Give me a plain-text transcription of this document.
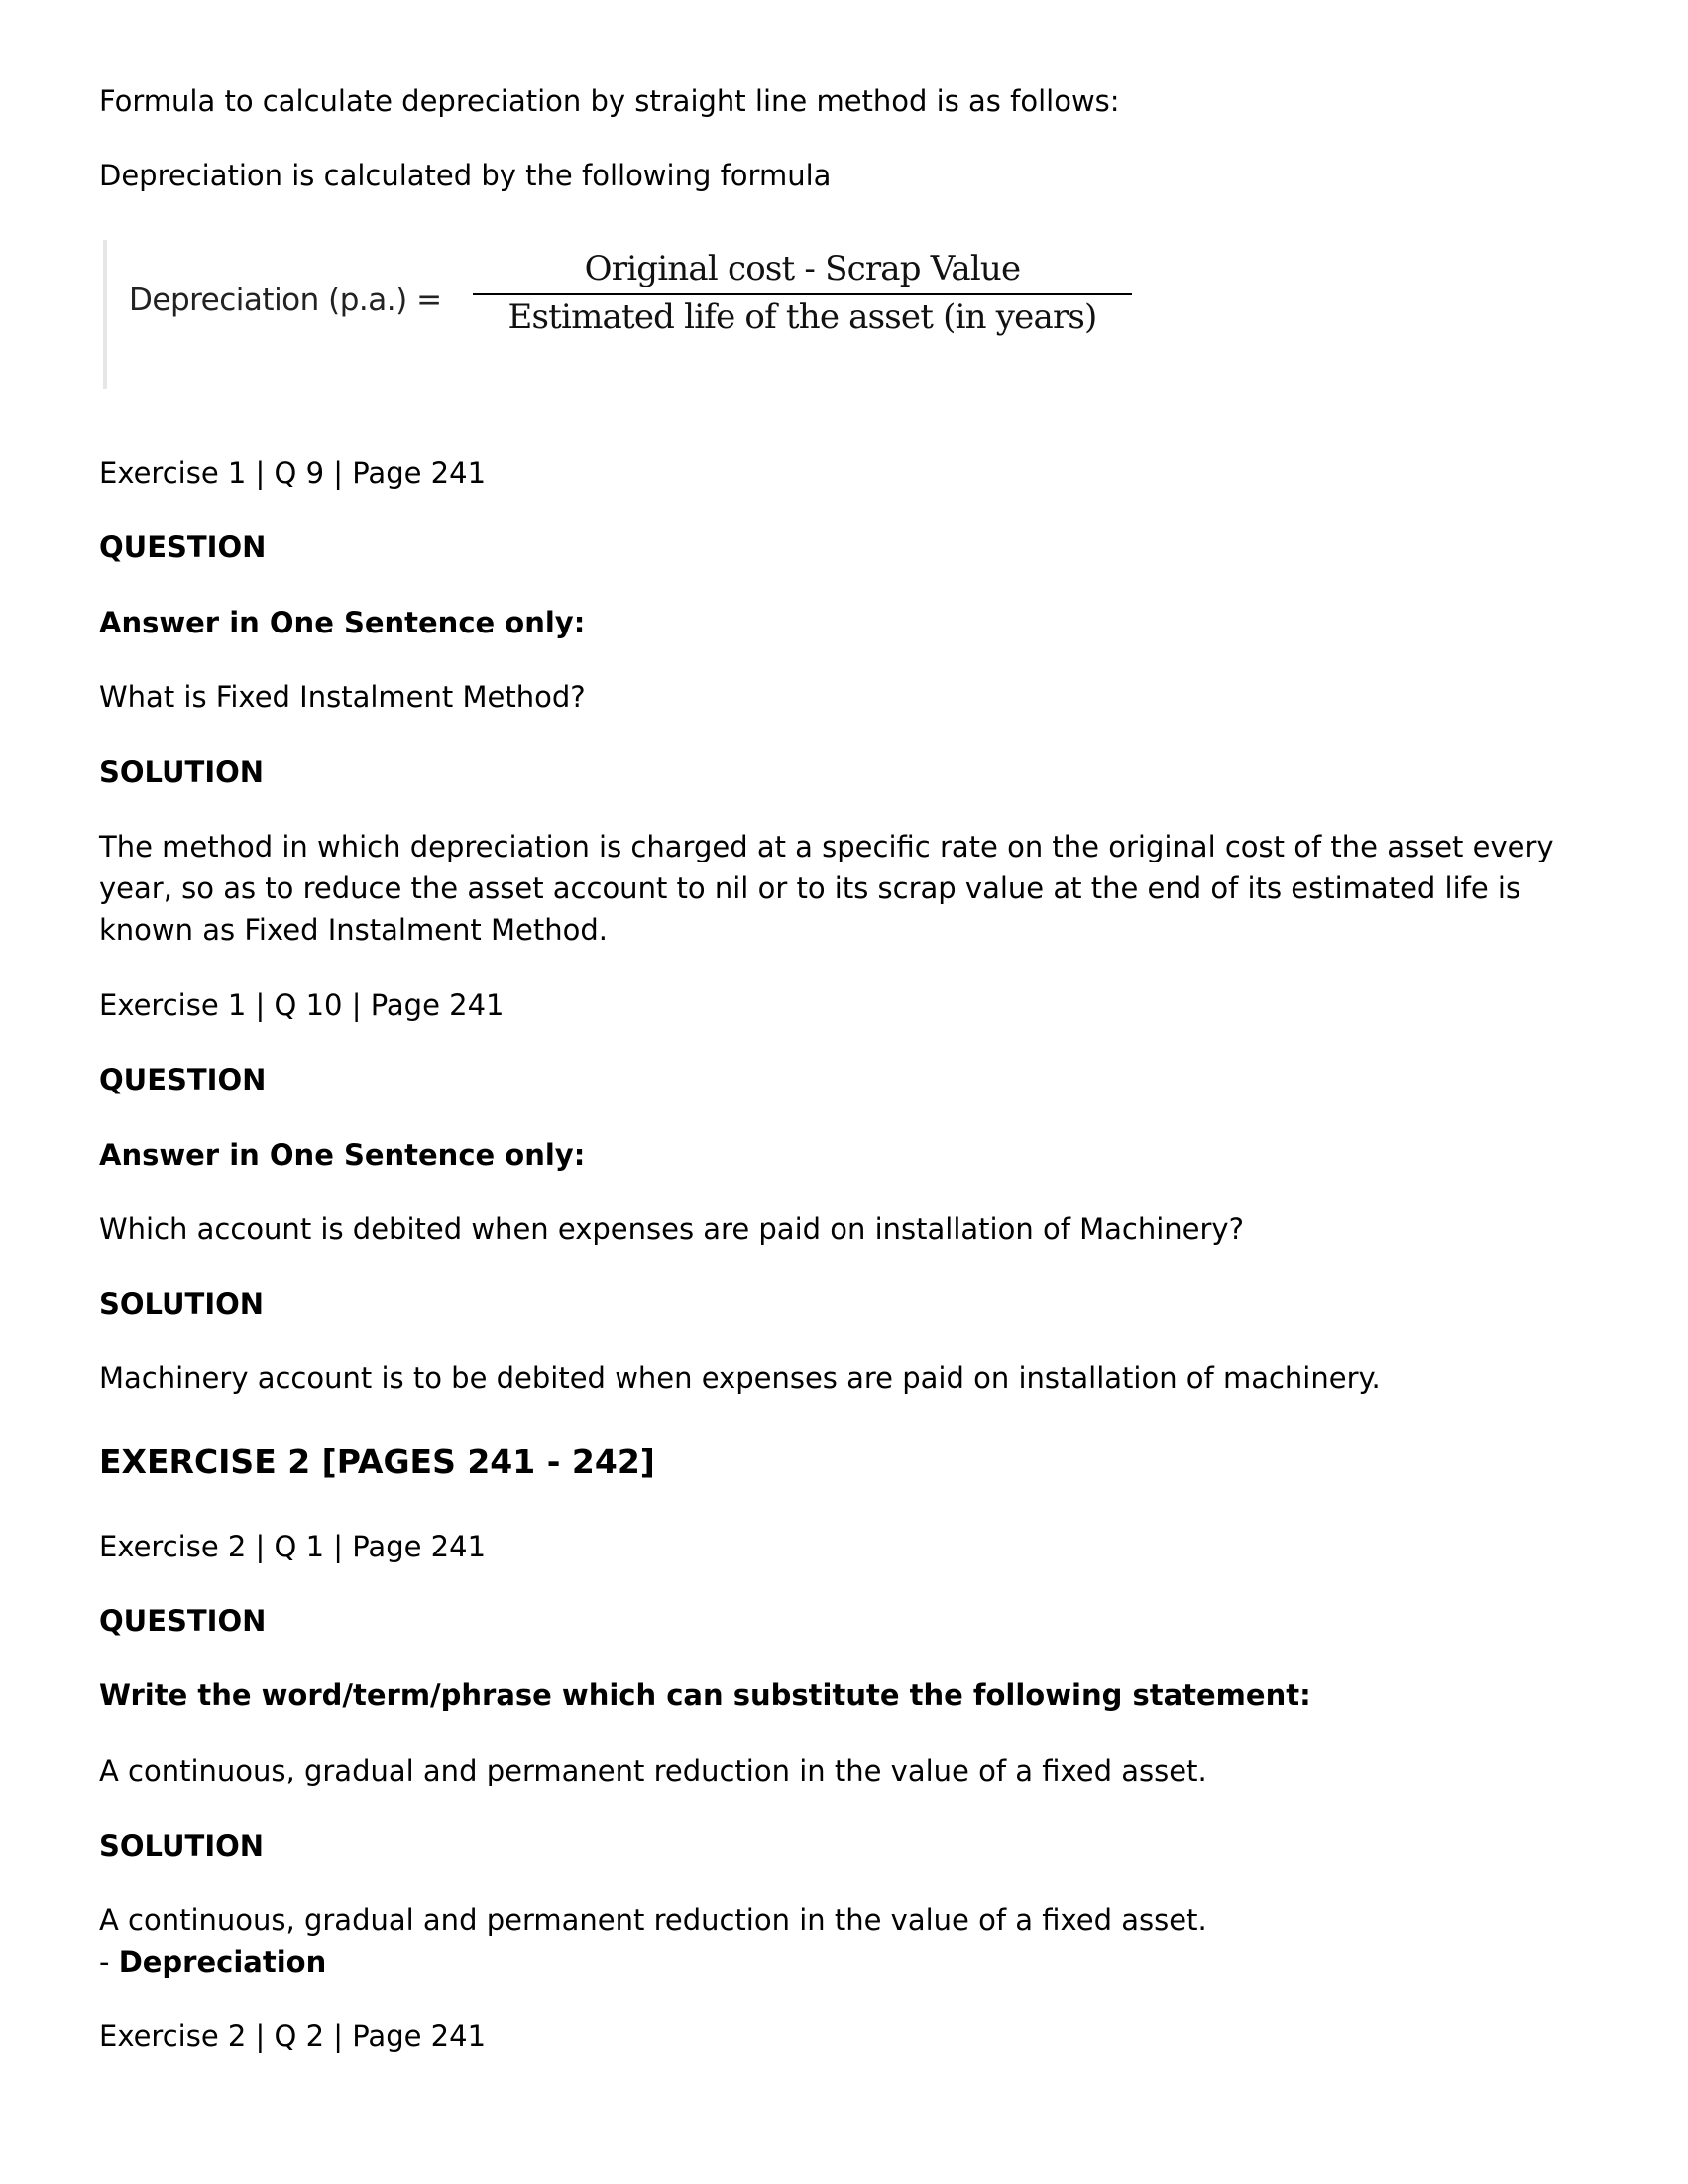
Formula to calculate depreciation by straight line method is as follows:
Depreciation is calculated by the following formula
Depreciation (p.a.) =
Original cost - Scrap Value
Estimated life of the asset (in years)
Exercise 1 | Q 9 | Page 241
QUESTION
Answer in One Sentence only:
What is Fixed Instalment Method?
SOLUTION
The method in which depreciation is charged at a specific rate on the original cost of the asset every year, so as to reduce the asset account to nil or to its scrap value at the end of its estimated life is known as Fixed Instalment Method.
Exercise 1 | Q 10 | Page 241
QUESTION
Answer in One Sentence only:
Which account is debited when expenses are paid on installation of Machinery?
SOLUTION
Machinery account is to be debited when expenses are paid on installation of machinery.
EXERCISE 2 [PAGES 241 - 242]
Exercise 2 | Q 1 | Page 241
QUESTION
Write the word/term/phrase which can substitute the following statement:
A continuous, gradual and permanent reduction in the value of a fixed asset.
SOLUTION
A continuous, gradual and permanent reduction in the value of a fixed asset.
- Depreciation
Exercise 2 | Q 2 | Page 241
